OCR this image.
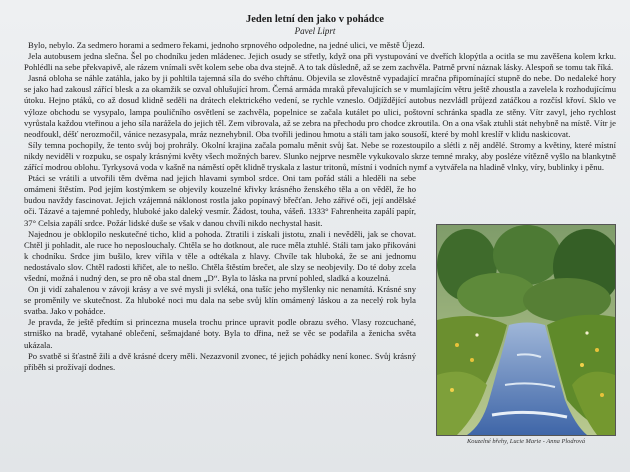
Jeden letní den jako v pohádce
Pavel Liprt

Bylo, nebylo. Za sedmero horami a sedmero řekami, jednoho srpnového odpoledne, na jedné ulici, ve městě Újezd.

Jela autobusem jedna slečna. Šel po chodníku jeden mládenec. Jejich osudy se střetly, když ona při vystupování ve dveřích klopýtla a ocitla se mu zavěšena kolem krku. Pohlédli na sebe překvapivě, ale rázem vnímali svět kolem sebe oba dva stejně. A to tak důsledně, až se zem zachvěla. Patrně první náznak lásky. Alespoň se tomu tak říká.

Jasná obloha se náhle zatáhla, jako by ji pohltila tajemná síla do svého chřtánu. Objevila se zlověstně vypadající mračna připomínající stupně do nebe. Do nedaleké hory se jako had zakousl zářící blesk a za okamžik se ozval ohlušující hrom. Černá armáda mraků převalujících se v mumlajícím větru ještě zhoustla a zavelela k rozhodujícímu útoku. Hejno ptáků, co až dosud klidně seděli na drátech elektrického vedení, se rychle vzneslo. Odjíždějící autobus nezvládl průjezd zatáčkou a rozčísl křoví. Sklo ve výloze obchodu se vysypalo, lampa pouličního osvětlení se zachvěla, popelnice se začala kutálet po ulici, poštovní schránka spadla ze stěny. Vítr zavyl, jeho rychlost vyrůstala každou vteřinou a jeho síla narážela do jejich těl. Zem vibrovala, až se zebra na přechodu pro chodce zkroutila. On a ona však ztuhli stát nehybně na místě. Vítr je neodfoukl, déšť nerozmočil, vánice nezasypala, mráz neznehybnil. Oba tvořili jedinou hmotu a stáli tam jako sousoší, které by mohl kreslíř v klidu naskicovat.

Síly temna pochopily, že tento svůj boj prohrály. Okolní krajina začala pomalu měnit svůj šat. Nebe se rozestoupilo a slétli z něj andělé. Stromy a květiny, které místní nikdy neviděli v rozpuku, se ospaly krásnými květy všech možných barev. Slunko nejprve nesměle vykukovalo skrze temné mraky, aby posléze vítězně vyšlo na blankytně zářící modrou oblohu. Tyrkysová voda v kašně na náměstí opět klidně tryskala z lastur tritonů, místní i vodních nymf a vytvářela na hladině vlnky, víry, bublinky i pěnu.

Ptáci se vrátili a utvořili těm dvěma nad jejich hlavami symbol srdce. Oni tam pořád stáli a hleděli na sebe omámeni štěstím. Pod jejím kostýmkem se objevily kouzelné křivky krásného ženského těla a on věděl, že ho budou navždy fascinovat. Jejich vzájemná náklonost rostla jako popínavý břečťan. Jeho zářivé oči, její andělské oči. Tázavé a tajemné pohledy, hluboké jako daleký vesmír. Žádost, touha, vášeň. 1333° Fahrenheita zapálí papír, 37° Celsia zapálí srdce. Požár lidské duše se však v danou chvíli nikdo nechystal hasit.

Najednou je obklopilo neskutečné ticho, klid a pohoda. Ztratili i získali jistotu, znali i nevěděli, jak se chovat. Chtěl ji pohladit, ale ruce ho neposlouchaly. Chtěla se ho dotknout, ale ruce měla ztuhlé. Stáli tam jako přikováni k chodníku. Srdce jim bušilo, krev vířila v těle a odtékala z hlavy. Chvíle tak hluboká, že se ani jednomu nedostávalo slov. Chtěl radosti křičet, ale to nešlo. Chtěla štěstím brečet, ale slzy se neobjevily. Do té doby zcela všední, možná i nudný den, se pro ně oba stal dnem „D“. Byla to láska na první pohled, sladká a kouzelná.

On ji vidí zahalenou v závoji krásy a ve své mysli ji svléká, ona tušíc jeho myšlenky nic nenamítá. Krásné sny se proměnily ve skutečnost. Za hluboké noci mu dala na sebe svůj klín omámený láskou a za necelý rok byla svatba. Jako v pohádce.

Je pravda, že ještě předtím si princezna musela trochu prince upravit podle obrazu svého. Vlasy rozcuchané, strniško na bradě, vytahané oblečení, sešmajdané boty. Byla to dřina, než se věc se podařila a ženicha světa ukázala.

Po svatbě si šťastně žili a dvě krásné dcery měli. Nezazvonil zvonec, té jejich pohádky není konec. Svůj krásný příběh si prožívají dodnes.

Kouzelné břehy, Lucie Marie - Anna Plodrová
